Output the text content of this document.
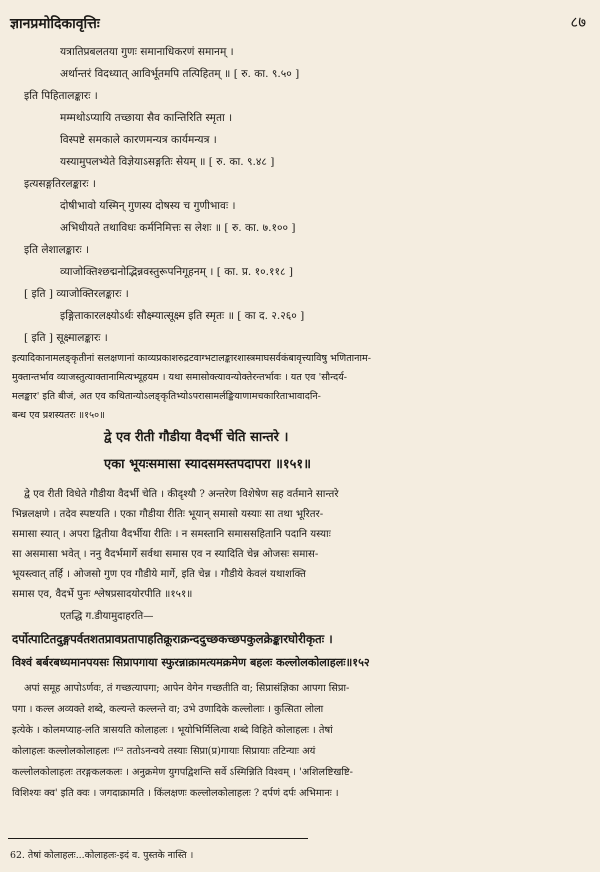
ज्ञानप्रमोदिकावृत्तिः	८७
यत्रातिप्रबलतया गुणः समानाधिकरणं समानम् ।
अर्थान्तरं विदध्यात् आविर्भूतमपि तत्पिहितम् ॥ [ रु. का. ९.५० ]
इति पिहितालङ्कारः ।
मम्मथोऽप्यायि तच्छाया सैव कान्तिरिति स्मृता ।
विस्पष्टे समकाले कारणमन्यत्र कार्यमन्यत्र ।
यस्यामुपलभ्येते विज्ञेयाऽसङ्गतिः सेयम् ॥ [ रु. का. ९.४८ ]
इत्यसङ्गतिरलङ्कारः ।
दोषीभावो यस्मिन् गुणस्य दोषस्य च गुणीभावः ।
अभिधीयते तथाविधः कर्मनिमित्तः स लेशः ॥ [ रु. का. ७.१०० ]
इति लेशालङ्कारः ।
व्याजोक्तिश्छद्मनोद्भिन्नवस्तुरूपनिगूहनम् । [ का. प्र. १०.११८ ]
[ इति ] व्याजोक्तिरलङ्कारः ।
इङ्गिताकारलक्ष्योऽर्थः सौक्ष्म्यात्सूक्ष्म इति स्मृतः ॥ [ का द. २.२६० ]
[ इति ] सूक्ष्मालङ्कारः ।
इत्यादिकानामलङ्कृतीनां सलक्षणानां काव्यप्रकाशरुद्रटवाग्भटालङ्कारशास्त्रमाघसर्वकंबावृत्त्याविषु भणितानाम-
मुक्तान्तर्भाव व्याजस्तुत्याक्तानामित्यभ्यूहयम । यथा समासोक्त्यावन्योक्तेरन्तर्भावः । यत एव 'सौन्दर्य-
मलङ्कार' इति बीजं, अत एव कथितान्योऽलङ्कृतिभ्योऽपरासामर्लङ्कियाणामचकारिताभावादनि-
बन्ध एव प्रशस्यतरः ॥१५०॥
द्वे एव रीती गौडीया वैदर्भी चेति सान्तरे ।
एका भूयःसमासा स्यादसमस्तपदापरा ॥१५१॥
द्वे एव रीती विधेते गौडीया वैदर्भी चेति । कीदृश्यौ ? अन्तरेण विशेषेण सह वर्तमाने सान्तरे
भिन्नलक्षणे । तदेव स्पष्टयति । एका गौडीया रीतिः भूयान् समासो यस्याः सा तथा भूरितर-
समासा स्यात् । अपरा द्वितीया वैदर्भीया रीतिः । न समस्तानि समाससहितानि पदानि यस्याः
सा असमासा भवेत् । ननु वैदर्भमार्गे सर्वथा समास एव न स्यादिति चेन्न ओजसः समास-
भूयस्त्वात् तर्हि । ओजसो गुण एव गौडीये मार्गे, इति चेन्न । गौडीये केवलं यथाशक्ति
समास एव, वैदर्भे पुनः श्लेषप्रसादयोरपीति ॥१५१॥
एतद्धि ग.डीयामुदाहरति—
दर्पोत्पाटितदुङ्गपर्वतशतप्रावप्रतापाहतिक्रूराक्रन्ददुच्छकच्छपकुलक्रेङ्कारघोरीकृतः ।
विश्वं बर्बरबध्यमानपयसः सिप्रापगाया स्फुरन्नाक्रामत्यमक्रमेण बहलः कल्लोलकोलाहलः॥१५२
अपां समूह आपोऽर्णवः, तं गच्छत्यापगा; आपेन वेगेन गच्छतीति वा; सिप्रासंज्ञिका आपगा सिप्रा-
पगा । कल्ल अव्यक्ते शब्दे, कल्यन्ते कल्लन्ते वा; उभे उणादिके कल्लोलाः । कुत्सिता लोला
इत्येके । कोलमप्याह-लति त्रासयति कोलाहलः । भूयोभिर्मिलित्वा शब्दे विहिते कोलाहलः । तेषां
कोलाहलः कल्लोलकोलाहलः ।⁶² ततोऽनन्वये तस्याः सिप्रा(प्र)गायाः सिप्रायाः तटिन्याः अयं
कल्लोलकोलाहलः तरङ्गकलकलः । अनुक्रमेण युगपद्विशन्ति सर्वे ऽस्मिन्निति विश्वम् । 'अशिलष्टिखष्टि-
विशिश्यः क्व' इति क्वः । जगदाक्रामति । किंलक्षणः कल्लोलकोलाहलः ? दर्पणं दर्पः अभिमानः ।
62. तेषां कोलाहलः...कोलाहलः-इदं व. पुस्तके नास्ति ।
